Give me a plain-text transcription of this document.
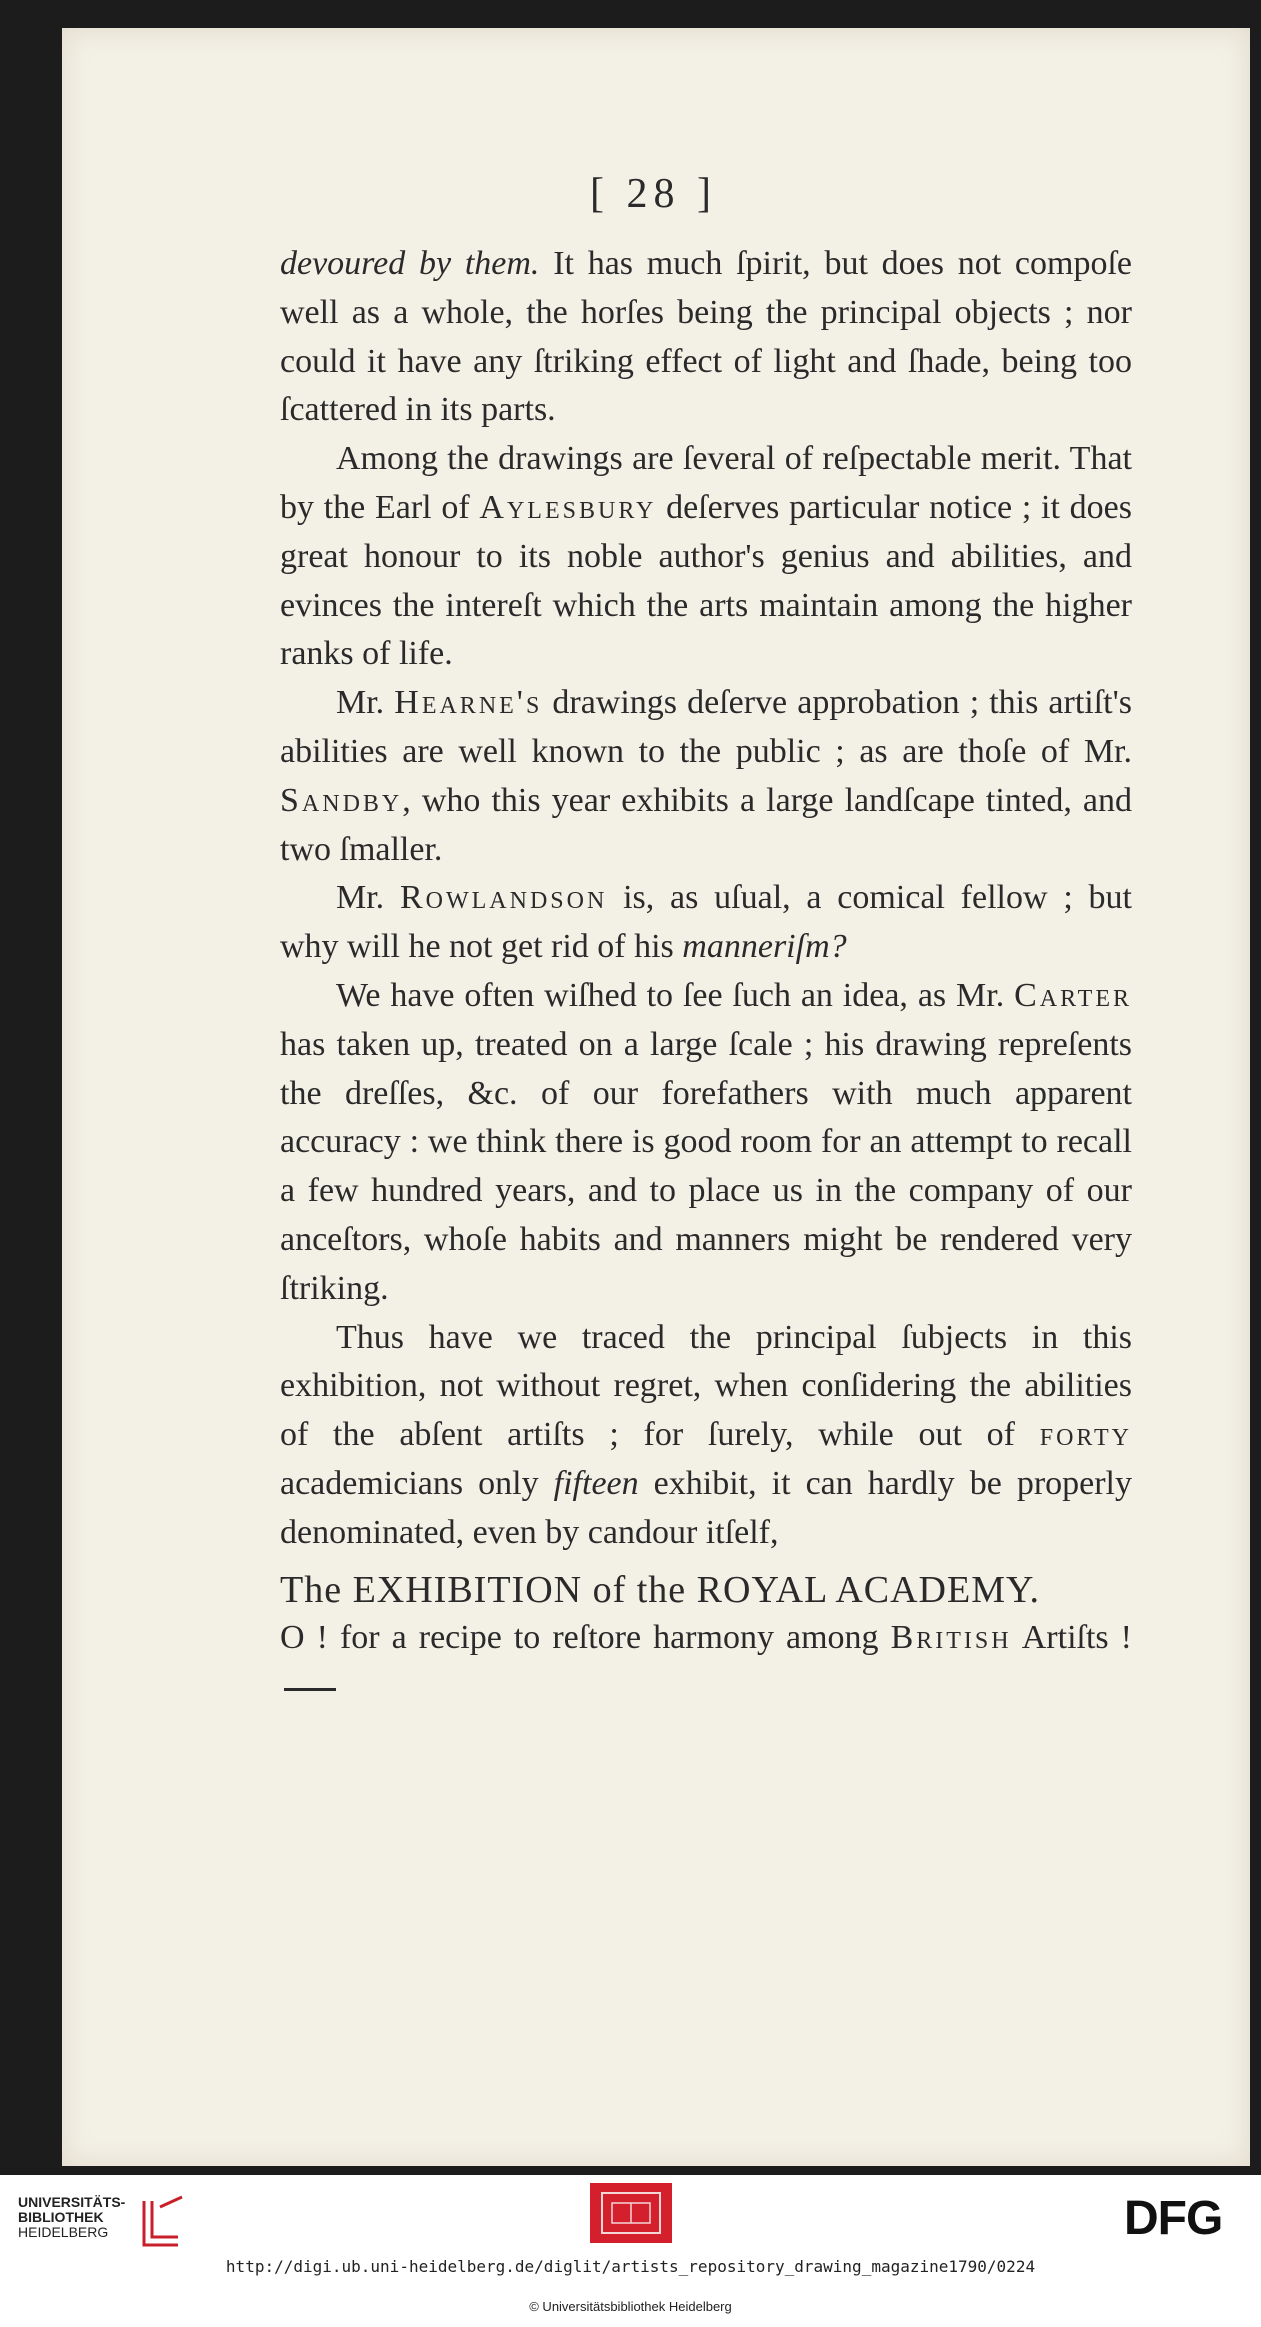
[ 28 ]

devoured by them. It has much ſpirit, but does not compoſe well as a whole, the horſes being the principal objects ; nor could it have any ſtriking effect of light and ſhade, being too ſcattered in its parts.

Among the drawings are ſeveral of reſpectable merit. That by the Earl of Aylesbury deſerves particular notice ; it does great honour to its noble author's genius and abilities, and evinces the intereſt which the arts maintain among the higher ranks of life.

Mr. Hearne's drawings deſerve approbation ; this artiſt's abilities are well known to the public ; as are thoſe of Mr. Sandby, who this year exhibits a large landſcape tinted, and two ſmaller.

Mr. Rowlandson is, as uſual, a comical fellow ; but why will he not get rid of his manneriſm?

We have often wiſhed to ſee ſuch an idea, as Mr. Carter has taken up, treated on a large ſcale ; his drawing repreſents the dreſſes, &c. of our forefathers with much apparent accuracy : we think there is good room for an attempt to recall a few hundred years, and to place us in the company of our anceſtors, whoſe habits and manners might be rendered very ſtriking.

Thus have we traced the principal ſubjects in this exhibition, not without regret, when conſidering the abilities of the abſent artiſts ; for ſurely, while out of forty academicians only fifteen exhibit, it can hardly be properly denominated, even by candour itſelf,

The EXHIBITION of the ROYAL ACADEMY.

O ! for a recipe to reſtore harmony among British Artiſts !

UNIVERSITÄTS-
BIBLIOTHEK
HEIDELBERG	DFG
http://digi.ub.uni-heidelberg.de/diglit/artists_repository_drawing_magazine1790/0224
© Universitätsbibliothek Heidelberg
